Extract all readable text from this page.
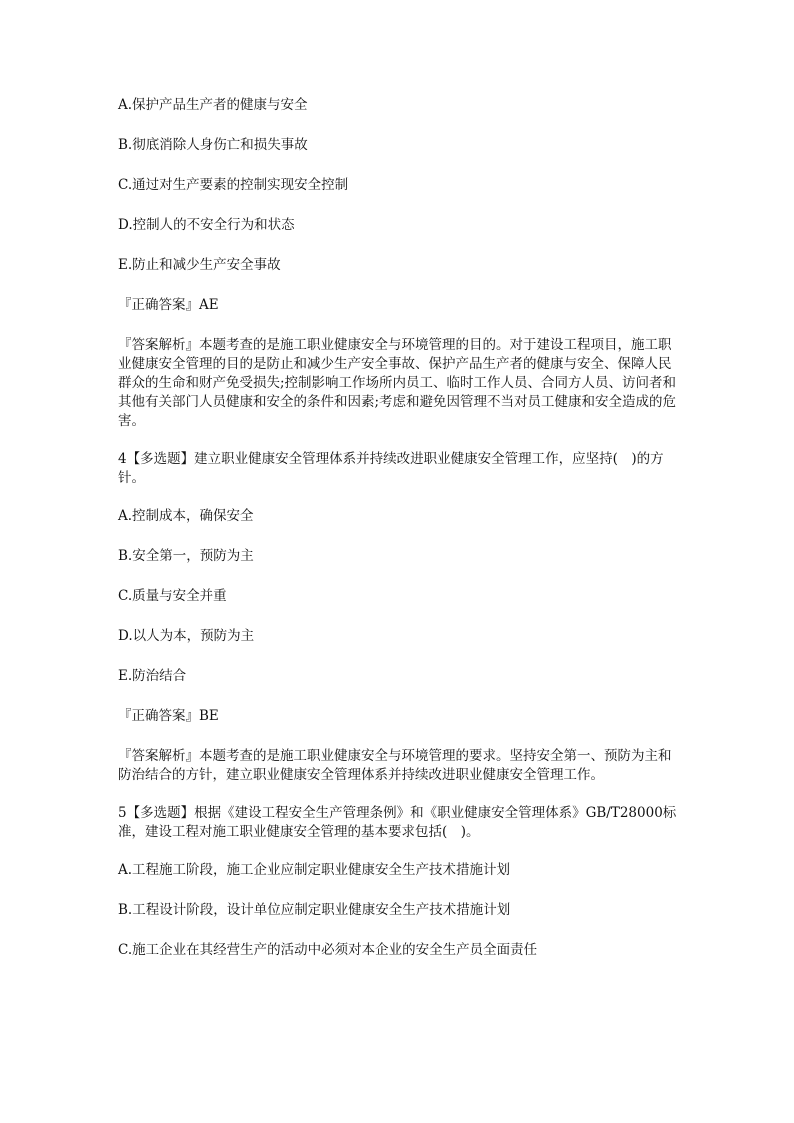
A.保护产品生产者的健康与安全

B.彻底消除人身伤亡和损失事故

C.通过对生产要素的控制实现安全控制

D.控制人的不安全行为和状态

E.防止和减少生产安全事故

『正确答案』AE

『答案解析』本题考查的是施工职业健康安全与环境管理的目的。对于建设工程项目，施工职业健康安全管理的目的是防止和减少生产安全事故、保护产品生产者的健康与安全、保障人民群众的生命和财产免受损失;控制影响工作场所内员工、临时工作人员、合同方人员、访问者和其他有关部门人员健康和安全的条件和因素;考虑和避免因管理不当对员工健康和安全造成的危害。

4【多选题】建立职业健康安全管理体系并持续改进职业健康安全管理工作，应坚持(　)的方针。

A.控制成本，确保安全

B.安全第一，预防为主

C.质量与安全并重

D.以人为本，预防为主

E.防治结合

『正确答案』BE

『答案解析』本题考查的是施工职业健康安全与环境管理的要求。坚持安全第一、预防为主和防治结合的方针，建立职业健康安全管理体系并持续改进职业健康安全管理工作。

5【多选题】根据《建设工程安全生产管理条例》和《职业健康安全管理体系》GB/T28000标准，建设工程对施工职业健康安全管理的基本要求包括(　)。

A.工程施工阶段，施工企业应制定职业健康安全生产技术措施计划

B.工程设计阶段，设计单位应制定职业健康安全生产技术措施计划

C.施工企业在其经营生产的活动中必须对本企业的安全生产员全面责任
